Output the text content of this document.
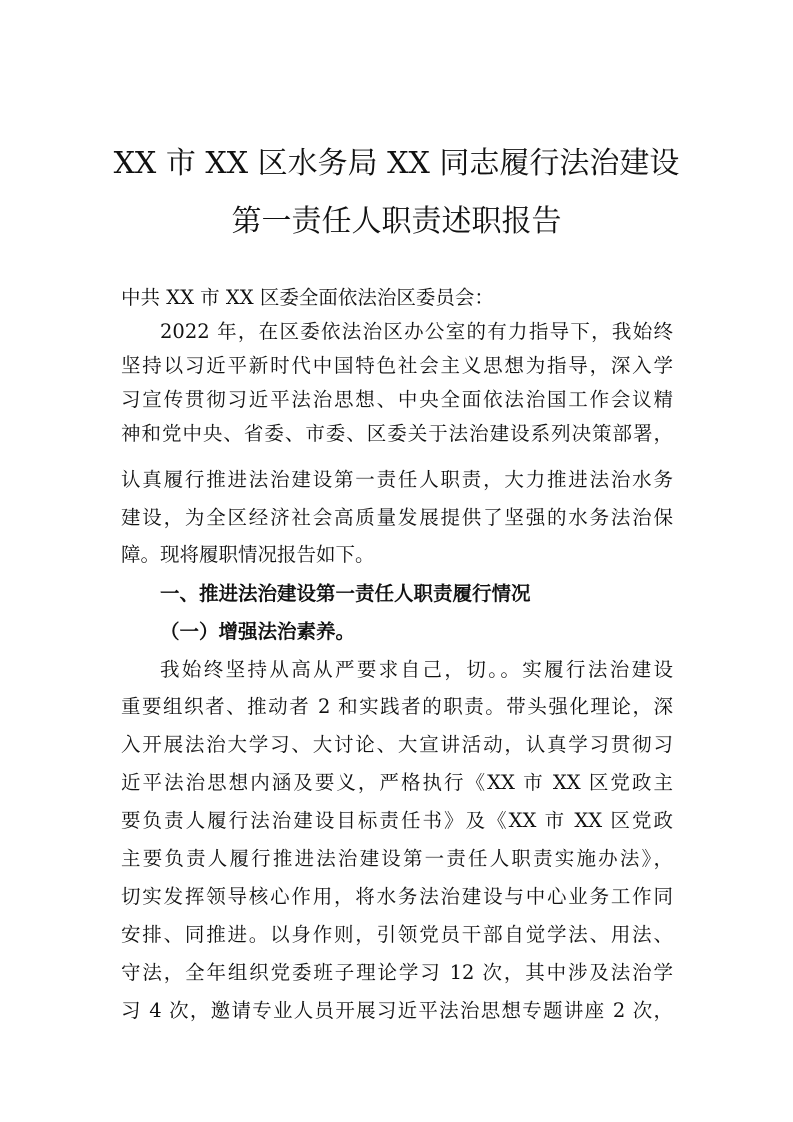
XX 市 XX 区水务局 XX 同志履行法治建设
第一责任人职责述职报告
中共 XX 市 XX 区委全面依法治区委员会：
2022 年，在区委依法治区办公室的有力指导下，我始终
坚持以习近平新时代中国特色社会主义思想为指导，深入学
习宣传贯彻习近平法治思想、中央全面依法治国工作会议精
神和党中央、省委、市委、区委关于法治建设系列决策部署，
认真履行推进法治建设第一责任人职责，大力推进法治水务
建设，为全区经济社会高质量发展提供了坚强的水务法治保
障。现将履职情况报告如下。
一、推进法治建设第一责任人职责履行情况
（一）增强法治素养。
我始终坚持从高从严要求自己，切。。实履行法治建设
重要组织者、推动者 2 和实践者的职责。带头强化理论，深
入开展法治大学习、大讨论、大宣讲活动，认真学习贯彻习
近平法治思想内涵及要义，严格执行《XX 市 XX 区党政主
要负责人履行法治建设目标责任书》及《XX 市 XX 区党政
主要负责人履行推进法治建设第一责任人职责实施办法》，
切实发挥领导核心作用，将水务法治建设与中心业务工作同
安排、同推进。以身作则，引领党员干部自觉学法、用法、
守法，全年组织党委班子理论学习 12 次，其中涉及法治学
习 4 次，邀请专业人员开展习近平法治思想专题讲座 2 次，
